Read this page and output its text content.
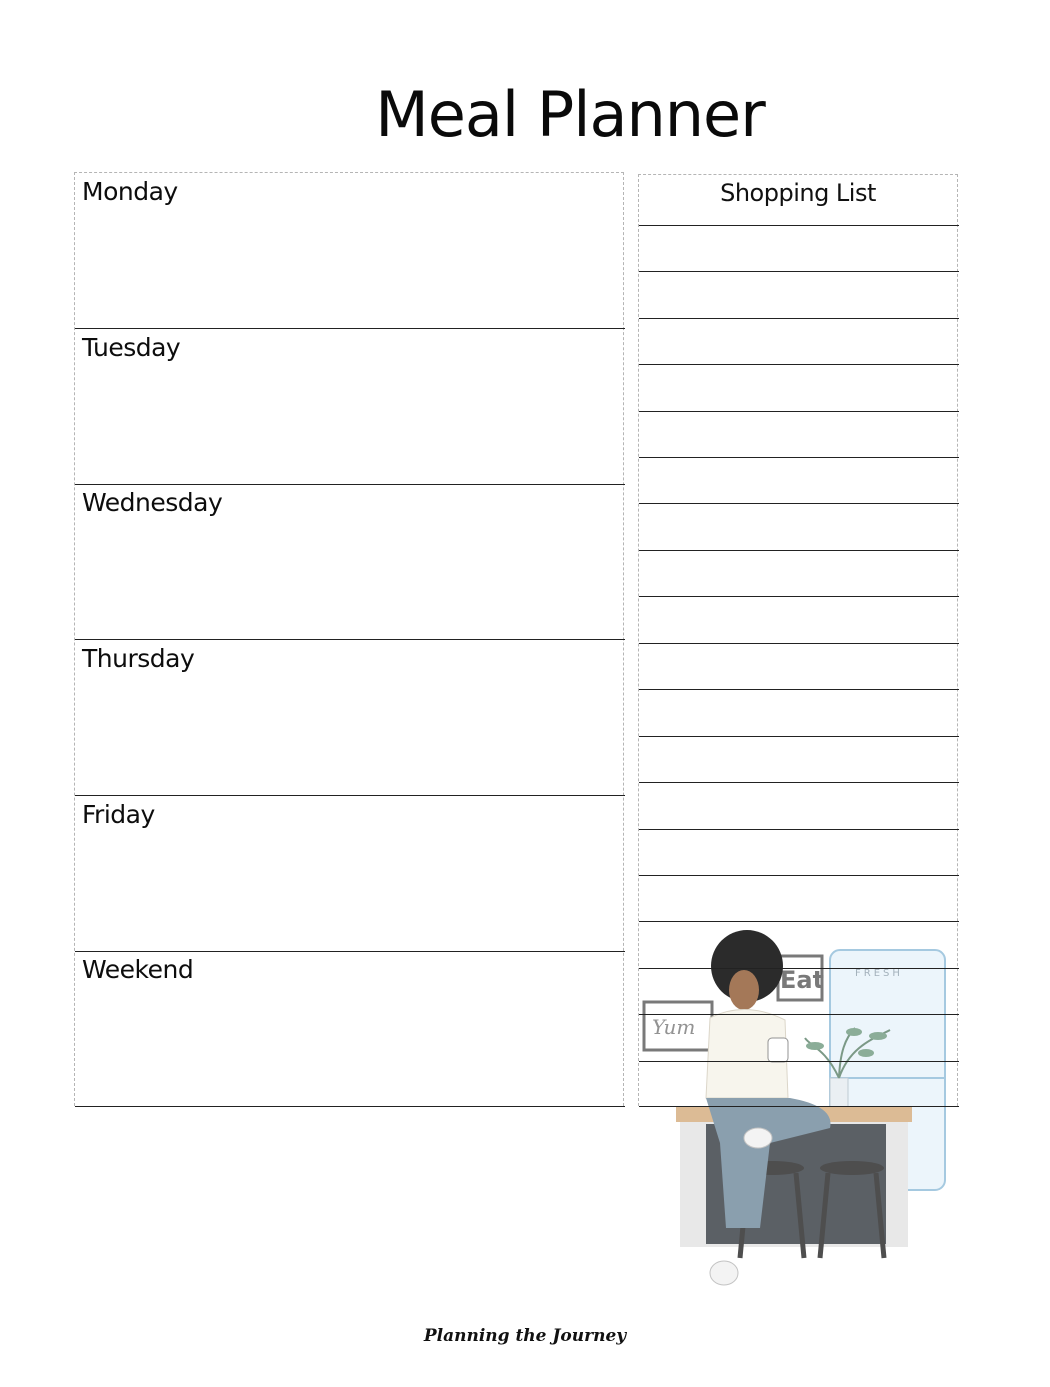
Meal Planner
Monday
Tuesday
Wednesday
Thursday
Friday
Weekend	FRESH
Eat
Yum
Shopping List
Planning the Journey
